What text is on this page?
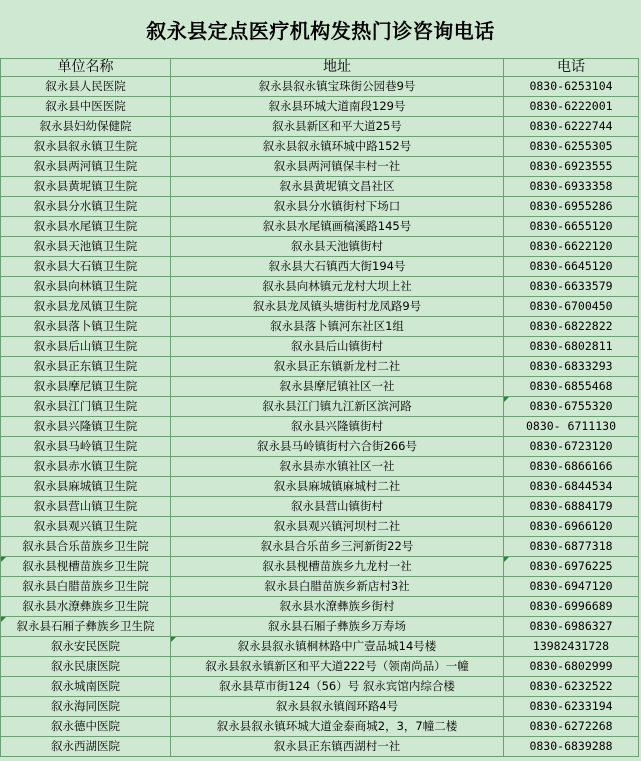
叙永县定点医疗机构发热门诊咨询电话
单位名称	地址	电话
叙永县人民医院	叙永县叙永镇宝珠街公园巷9号	0830-6253104
叙永县中医医院	叙永县环城大道南段129号	0830-6222001
叙永县妇幼保健院	叙永县新区和平大道25号	0830-6222744
叙永县叙永镇卫生院	叙永县叙永镇环城中路152号	0830-6255305
叙永县两河镇卫生院	叙永县两河镇保丰村一社	0830-6923555
叙永县黄坭镇卫生院	叙永县黄坭镇文昌社区	0830-6933358
叙永县分水镇卫生院	叙永县分水镇街村下场口	0830-6955286
叙永县水尾镇卫生院	叙永县水尾镇画稿溪路145号	0830-6655120
叙永县天池镇卫生院	叙永县天池镇街村	0830-6622120
叙永县大石镇卫生院	叙永县大石镇西大街194号	0830-6645120
叙永县向林镇卫生院	叙永县向林镇元龙村大坝上社	0830-6633579
叙永县龙凤镇卫生院	叙永县龙凤镇头塘街村龙凤路9号	0830-6700450
叙永县落卜镇卫生院	叙永县落卜镇河东社区1组	0830-6822822
叙永县后山镇卫生院	叙永县后山镇街村	0830-6802811
叙永县正东镇卫生院	叙永县正东镇新龙村二社	0830-6833293
叙永县摩尼镇卫生院	叙永县摩尼镇社区一社	0830-6855468
叙永县江门镇卫生院	叙永县江门镇九江新区滨河路	0830-6755320
叙永县兴隆镇卫生院	叙永县兴隆镇街村	0830- 6711130
叙永县马岭镇卫生院	叙永县马岭镇街村六合街266号	0830-6723120
叙永县赤水镇卫生院	叙永县赤水镇社区一社	0830-6866166
叙永县麻城镇卫生院	叙永县麻城镇麻城村二社	0830-6844534
叙永县营山镇卫生院	叙永县营山镇街村	0830-6884179
叙永县观兴镇卫生院	叙永县观兴镇河坝村二社	0830-6966120
叙永县合乐苗族乡卫生院	叙永县合乐苗乡三河新街22号	0830-6877318
叙永县枧槽苗族乡卫生院	叙永县枧槽苗族乡九龙村一社	0830-6976225
叙永县白腊苗族乡卫生院	叙永县白腊苗族乡新店村3社	0830-6947120
叙永县水潦彝族乡卫生院	叙永县水潦彝族乡街村	0830-6996689
叙永县石厢子彝族乡卫生院	叙永县石厢子彝族乡万寿场	0830-6986327
叙永安民医院	叙永县叙永镇桐林路中广壹品城14号楼	13982431728
叙永民康医院	叙永县叙永镇新区和平大道222号（领南尚品）一幢	0830-6802999
叙永城南医院	叙永县草市街124（56）号 叙永宾馆内综合楼	0830-6232522
叙永海同医院	叙永县叙永镇阎环路4号	0830-6233194
叙永德中医院	叙永县叙永镇环城大道金泰商城2，3，7幢二楼	0830-6272268
叙永西湖医院	叙永县正东镇西湖村一社	0830-6839288
